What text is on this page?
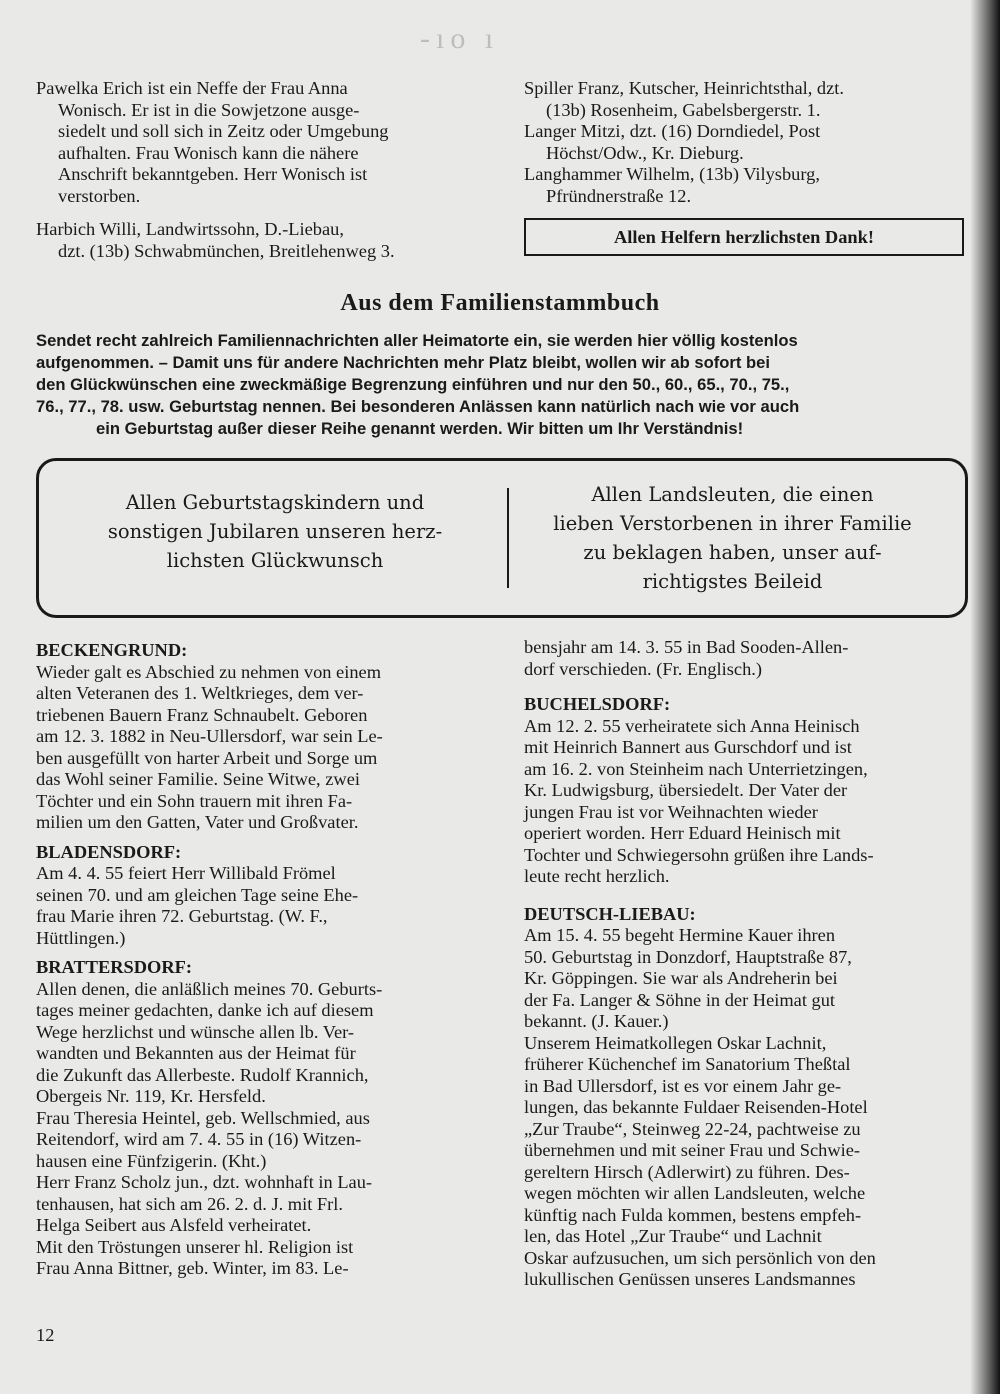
-ıo ı

Pawelka Erich ist ein Neffe der Frau Anna
Wonisch. Er ist in die Sowjetzone ausge-
siedelt und soll sich in Zeitz oder Umgebung
aufhalten. Frau Wonisch kann die nähere
Anschrift bekanntgeben. Herr Wonisch ist
verstorben.

Harbich Willi, Landwirtssohn, D.-Liebau,
dzt. (13b) Schwabmünchen, Breitlehenweg 3.

Spiller Franz, Kutscher, Heinrichtsthal, dzt.
(13b) Rosenheim, Gabelsbergerstr. 1.

Langer Mitzi, dzt. (16) Dorndiedel, Post
Höchst/Odw., Kr. Dieburg.

Langhammer Wilhelm, (13b) Vilysburg,
Pfründnerstraße 12.

Allen Helfern herzlichsten Dank!
Aus dem Familienstammbuch

Sendet recht zahlreich Familiennachrichten aller Heimatorte ein, sie werden hier völlig kostenlos

aufgenommen. – Damit uns für andere Nachrichten mehr Platz bleibt, wollen wir ab sofort bei

den Glückwünschen eine zweckmäßige Begrenzung einführen und nur den 50., 60., 65., 70., 75.,

76., 77., 78. usw. Geburtstag nennen. Bei besonderen Anlässen kann natürlich nach wie vor auch

ein Geburtstag außer dieser Reihe genannt werden. Wir bitten um Ihr Verständnis!

Allen Geburtstagskindern und
sonstigen Jubilaren unseren herz-
lichsten Glückwunsch
Allen Landsleuten, die einen
lieben Verstorbenen in ihrer Familie
zu beklagen haben, unser auf-
richtigstes Beileid

BECKENGRUND:

Wieder galt es Abschied zu nehmen von einem
alten Veteranen des 1. Weltkrieges, dem ver-
triebenen Bauern Franz Schnaubelt. Geboren
am 12. 3. 1882 in Neu-Ullersdorf, war sein Le-
ben ausgefüllt von harter Arbeit und Sorge um
das Wohl seiner Familie. Seine Witwe, zwei
Töchter und ein Sohn trauern mit ihren Fa-
milien um den Gatten, Vater und Großvater.

BLADENSDORF:

Am 4. 4. 55 feiert Herr Willibald Frömel
seinen 70. und am gleichen Tage seine Ehe-
frau Marie ihren 72. Geburtstag. (W. F.,
Hüttlingen.)

BRATTERSDORF:

Allen denen, die anläßlich meines 70. Geburts-
tages meiner gedachten, danke ich auf diesem
Wege herzlichst und wünsche allen lb. Ver-
wandten und Bekannten aus der Heimat für
die Zukunft das Allerbeste. Rudolf Krannich,
Obergeis Nr. 119, Kr. Hersfeld.
Frau Theresia Heintel, geb. Wellschmied, aus
Reitendorf, wird am 7. 4. 55 in (16) Witzen-
hausen eine Fünfzigerin. (Kht.)
Herr Franz Scholz jun., dzt. wohnhaft in Lau-
tenhausen, hat sich am 26. 2. d. J. mit Frl.
Helga Seibert aus Alsfeld verheiratet.
Mit den Tröstungen unserer hl. Religion ist
Frau Anna Bittner, geb. Winter, im 83. Le-

bensjahr am 14. 3. 55 in Bad Sooden-Allen-
dorf verschieden. (Fr. Englisch.)

BUCHELSDORF:

Am 12. 2. 55 verheiratete sich Anna Heinisch
mit Heinrich Bannert aus Gurschdorf und ist
am 16. 2. von Steinheim nach Unterrietzingen,
Kr. Ludwigsburg, übersiedelt. Der Vater der
jungen Frau ist vor Weihnachten wieder
operiert worden. Herr Eduard Heinisch mit
Tochter und Schwiegersohn grüßen ihre Lands-
leute recht herzlich.

DEUTSCH-LIEBAU:

Am 15. 4. 55 begeht Hermine Kauer ihren
50. Geburtstag in Donzdorf, Hauptstraße 87,
Kr. Göppingen. Sie war als Andreherin bei
der Fa. Langer & Söhne in der Heimat gut
bekannt. (J. Kauer.)
Unserem Heimatkollegen Oskar Lachnit,
früherer Küchenchef im Sanatorium Theßtal
in Bad Ullersdorf, ist es vor einem Jahr ge-
lungen, das bekannte Fuldaer Reisenden-Hotel
„Zur Traube“, Steinweg 22-24, pachtweise zu
übernehmen und mit seiner Frau und Schwie-
gereltern Hirsch (Adlerwirt) zu führen. Des-
wegen möchten wir allen Landsleuten, welche
künftig nach Fulda kommen, bestens empfeh-
len, das Hotel „Zur Traube“ und Lachnit
Oskar aufzusuchen, um sich persönlich von den
lukullischen Genüssen unseres Landsmannes

12
